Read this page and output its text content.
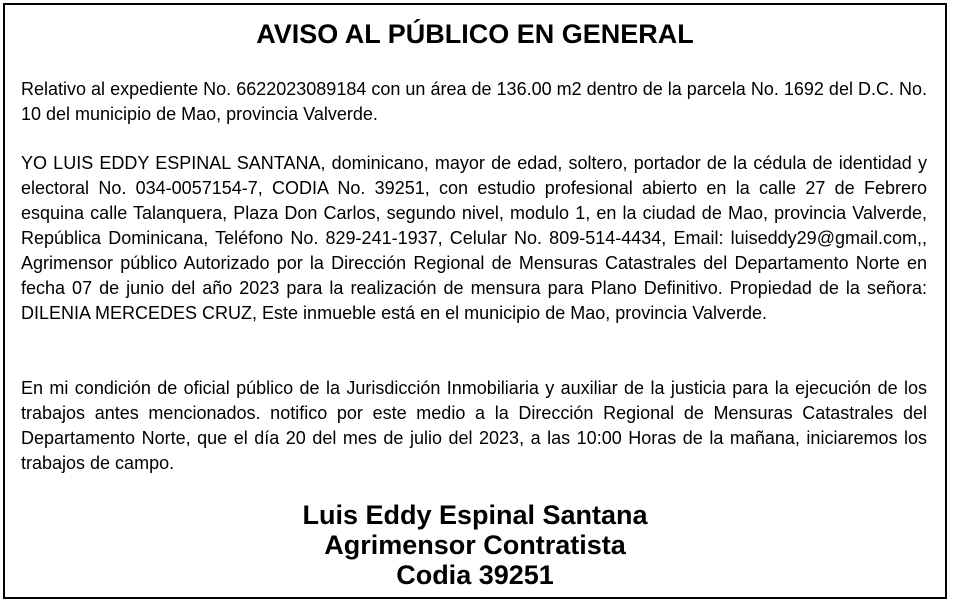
AVISO AL PÚBLICO EN GENERAL

Relativo al expediente No. 6622023089184 con un área de 136.00 m2 dentro de la parcela No. 1692 del D.C. No. 10 del municipio de Mao, provincia Valverde.

YO LUIS EDDY ESPINAL SANTANA, dominicano, mayor de edad, soltero, portador de la cédula de identidad y electoral No. 034-0057154-7, CODIA No. 39251, con estudio profesional abierto en la calle 27 de Febrero esquina calle Talanquera, Plaza Don Carlos, segundo nivel, modulo 1, en la ciudad de Mao, provincia Valverde, República Dominicana, Teléfono No. 829-241-1937, Celular No. 809-514-4434, Email: luiseddy29@gmail.com,, Agrimensor público Autorizado por la Dirección Regional de Mensuras Catastrales del Departamento Norte en fecha 07 de junio del año 2023 para la realización de mensura para Plano Definitivo. Propiedad de la señora: DILENIA MERCEDES CRUZ, Este inmueble está en el municipio de Mao, provincia Valverde.

En mi condición de oficial público de la Jurisdicción Inmobiliaria y auxiliar de la justicia para la ejecución de los trabajos antes mencionados. notifico por este medio a la Dirección Regional de Mensuras Catastrales del Departamento Norte, que el día 20 del mes de julio del 2023, a las 10:00 Horas de la mañana, iniciaremos los trabajos de campo.

Luis Eddy Espinal Santana
Agrimensor Contratista
Codia 39251
